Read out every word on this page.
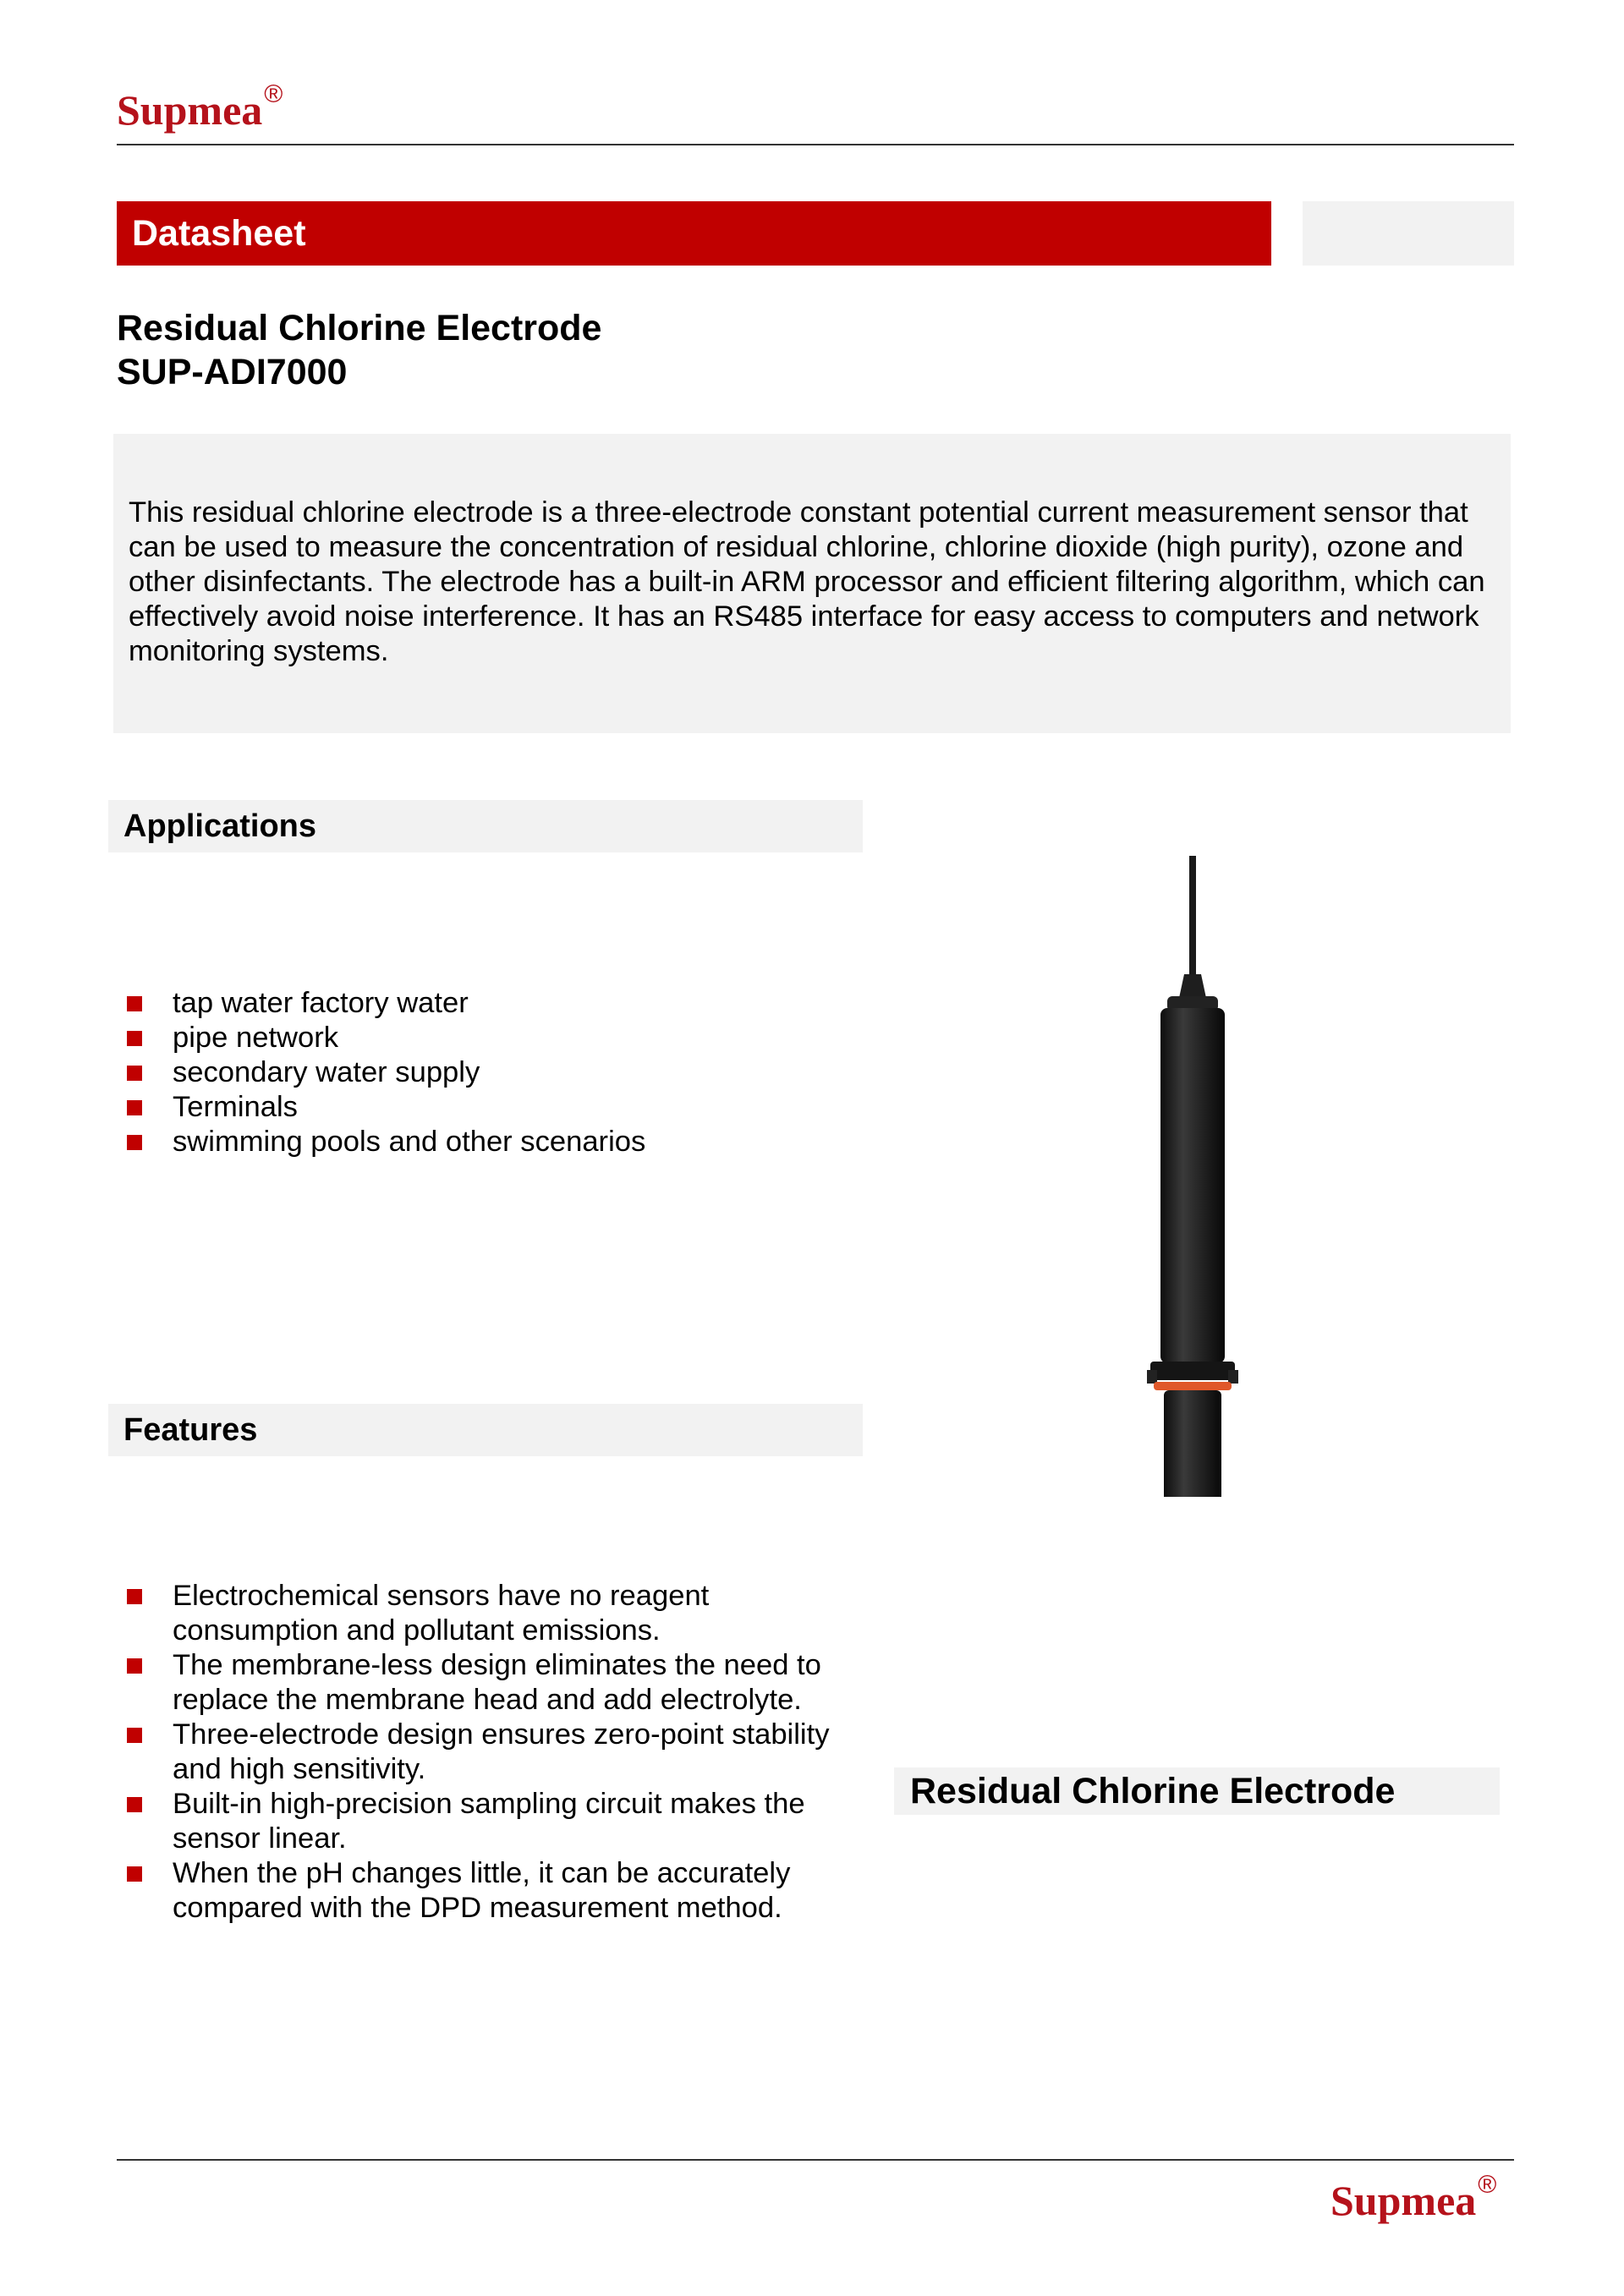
Supmea®
Datasheet
Residual Chlorine Electrode
SUP-ADI7000
This residual chlorine electrode is a three-electrode constant potential current measurement sensor that can be used to measure the concentration of residual chlorine, chlorine dioxide (high purity), ozone and other disinfectants. The electrode has a built-in ARM processor and efficient filtering algorithm, which can effectively avoid noise interference. It has an RS485 interface for easy access to computers and network monitoring systems.
Applications
tap water factory water
pipe network
secondary water supply
Terminals
swimming pools and other scenarios
Features
Electrochemical sensors have no reagent consumption and pollutant emissions.
The membrane-less design eliminates the need to replace the membrane head and add electrolyte.
Three-electrode design ensures zero-point stability and high sensitivity.
Built-in high-precision sampling circuit makes the sensor linear.
When the pH changes little, it can be accurately compared with the DPD measurement method.
Residual Chlorine Electrode
Supmea®
